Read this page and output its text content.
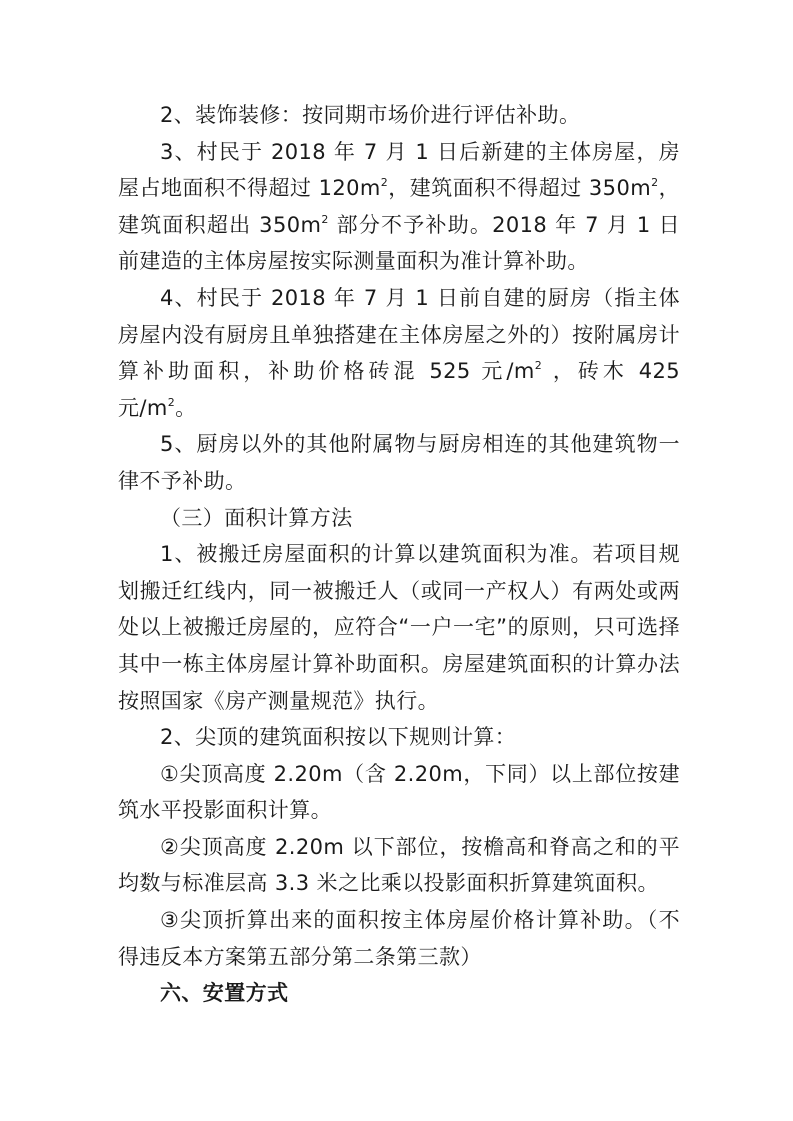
2、装饰装修：按同期市场价进行评估补助。

3、村民于 2018 年 7 月 1 日后新建的主体房屋，房屋占地面积不得超过 $120m^2$，建筑面积不得超过 $350m^2$，建筑面积超出 $350m^2$ 部分不予补助。2018 年 7 月 1 日前建造的主体房屋按实际测量面积为准计算补助。

4、村民于 2018 年 7 月 1 日前自建的厨房（指主体房屋内没有厨房且单独搭建在主体房屋之外的）按附属房计算补助面积，补助价格砖混 525 元$/m^2$ ，砖木 425 元$/m^2$。

5、厨房以外的其他附属物与厨房相连的其他建筑物一律不予补助。

（三）面积计算方法

1、被搬迁房屋面积的计算以建筑面积为准。若项目规划搬迁红线内，同一被搬迁人（或同一产权人）有两处或两处以上被搬迁房屋的，应符合“一户一宅”的原则，只可选择其中一栋主体房屋计算补助面积。房屋建筑面积的计算办法按照国家《房产测量规范》执行。

2、尖顶的建筑面积按以下规则计算：

①尖顶高度 2.20m（含 2.20m，下同）以上部位按建筑水平投影面积计算。

②尖顶高度 2.20m 以下部位，按檐高和脊高之和的平均数与标准层高 3.3 米之比乘以投影面积折算建筑面积。

③尖顶折算出来的面积按主体房屋价格计算补助。（不得违反本方案第五部分第二条第三款）

六、安置方式
